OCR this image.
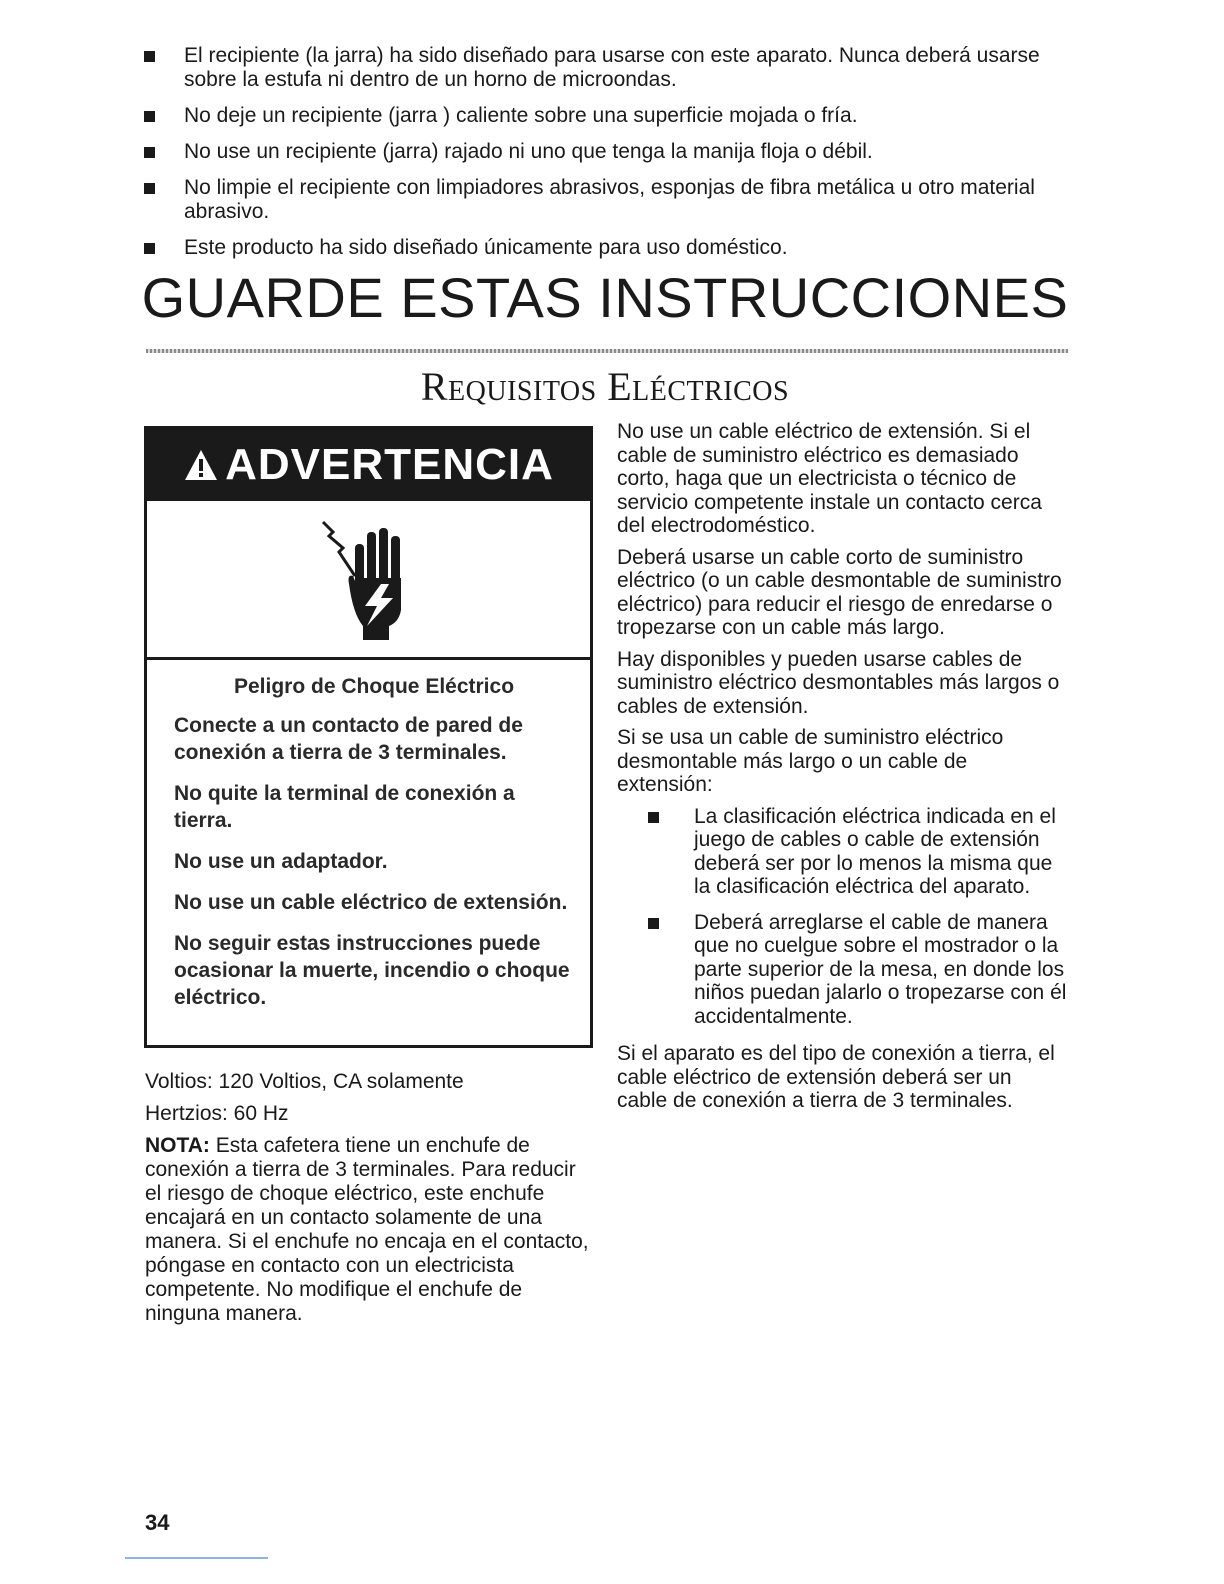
El recipiente (la jarra) ha sido diseñado para usarse con este aparato. Nunca deberá usarse sobre la estufa ni dentro de un horno de microondas.
No deje un recipiente (jarra ) caliente sobre una superficie mojada o fría.
No use un recipiente (jarra) rajado ni uno que tenga la manija floja o débil.
No limpie el recipiente con limpiadores abrasivos, esponjas de fibra metálica u otro material abrasivo.
Este producto ha sido diseñado únicamente para uso doméstico.
GUARDE ESTAS INSTRUCCIONES
Requisitos Eléctricos
ADVERTENCIA

Peligro de Choque Eléctrico

Conecte a un contacto de pared de conexión a tierra de 3 terminales.

No quite la terminal de conexión a tierra.

No use un adaptador.

No use un cable eléctrico de extensión.

No seguir estas instrucciones puede ocasionar la muerte, incendio o choque eléctrico.

Voltios: 120 Voltios, CA solamente

Hertzios: 60 Hz

NOTA: Esta cafetera tiene un enchufe de conexión a tierra de 3 terminales. Para reducir el riesgo de choque eléctrico, este enchufe encajará en un contacto solamente de una manera. Si el enchufe no encaja en el contacto, póngase en contacto con un electricista competente. No modifique el enchufe de ninguna manera.

No use un cable eléctrico de extensión. Si el cable de suministro eléctrico es demasiado corto, haga que un electricista o técnico de servicio competente instale un contacto cerca del electrodoméstico.

Deberá usarse un cable corto de suministro eléctrico (o un cable desmontable de suministro eléctrico) para reducir el riesgo de enredarse o tropezarse con un cable más largo.

Hay disponibles y pueden usarse cables de suministro eléctrico desmontables más largos o cables de extensión.

Si se usa un cable de suministro eléctrico desmontable más largo o un cable de extensión:

La clasificación eléctrica indicada en el juego de cables o cable de extensión deberá ser por lo menos la misma que la clasificación eléctrica del aparato.
Deberá arreglarse el cable de manera que no cuelgue sobre el mostrador o la parte superior de la mesa, en donde los niños puedan jalarlo o tropezarse con él accidentalmente.

Si el aparato es del tipo de conexión a tierra, el cable eléctrico de extensión deberá ser un cable de conexión a tierra de 3 terminales.

34
